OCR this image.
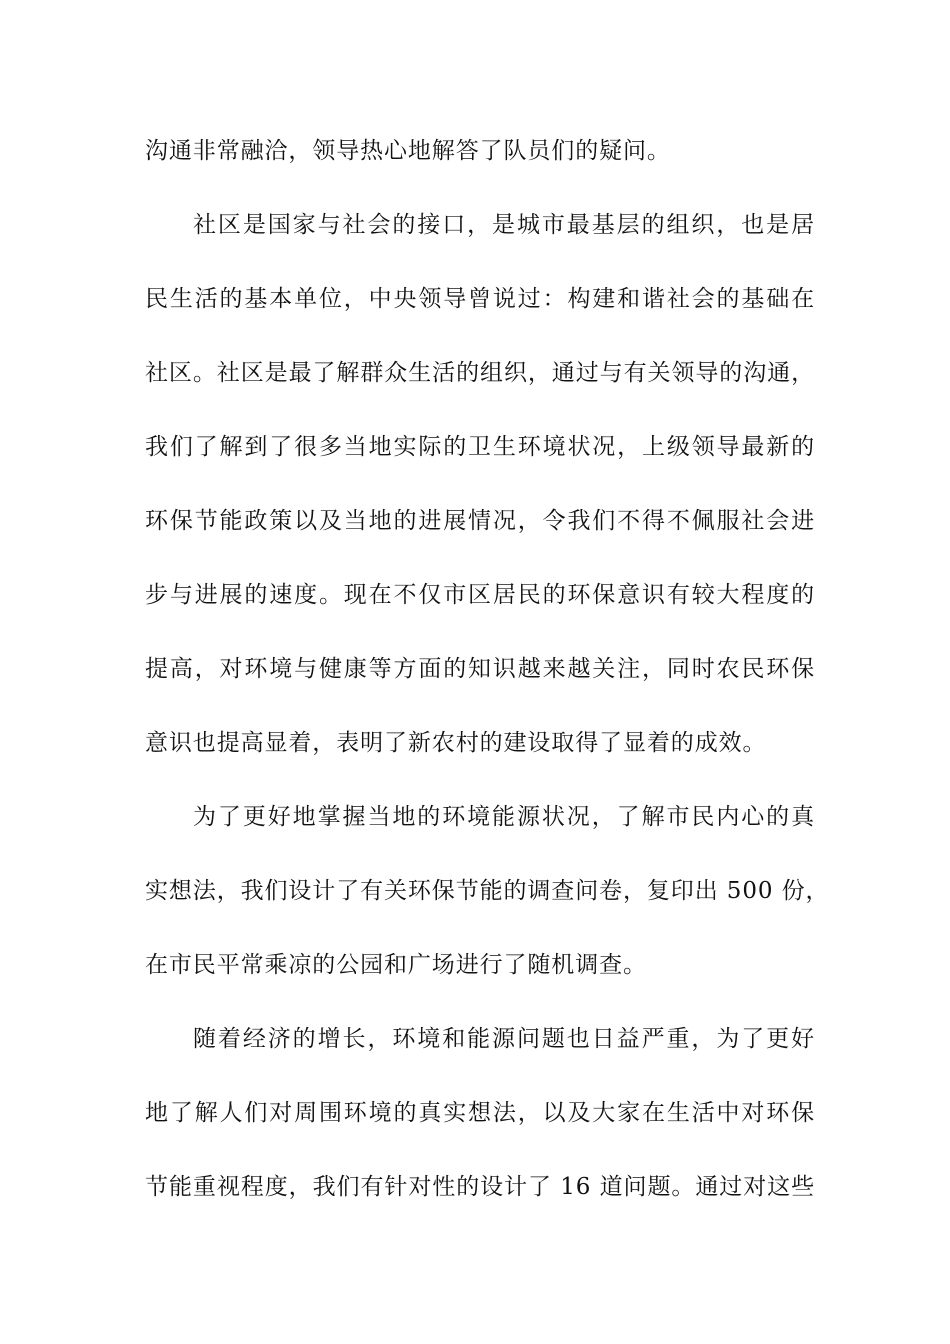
沟通非常融洽，领导热心地解答了队员们的疑问。
社区是国家与社会的接口，是城市最基层的组织，也是居
民生活的基本单位，中央领导曾说过：构建和谐社会的基础在
社区。社区是最了解群众生活的组织，通过与有关领导的沟通，
我们了解到了很多当地实际的卫生环境状况，上级领导最新的
环保节能政策以及当地的进展情况，令我们不得不佩服社会进
步与进展的速度。现在不仅市区居民的环保意识有较大程度的
提高，对环境与健康等方面的知识越来越关注，同时农民环保
意识也提高显着，表明了新农村的建设取得了显着的成效。
为了更好地掌握当地的环境能源状况，了解市民内心的真
实想法，我们设计了有关环保节能的调查问卷，复印出 500 份，
在市民平常乘凉的公园和广场进行了随机调查。
随着经济的增长，环境和能源问题也日益严重，为了更好
地了解人们对周围环境的真实想法，以及大家在生活中对环保
节能重视程度，我们有针对性的设计了 16 道问题。通过对这些
